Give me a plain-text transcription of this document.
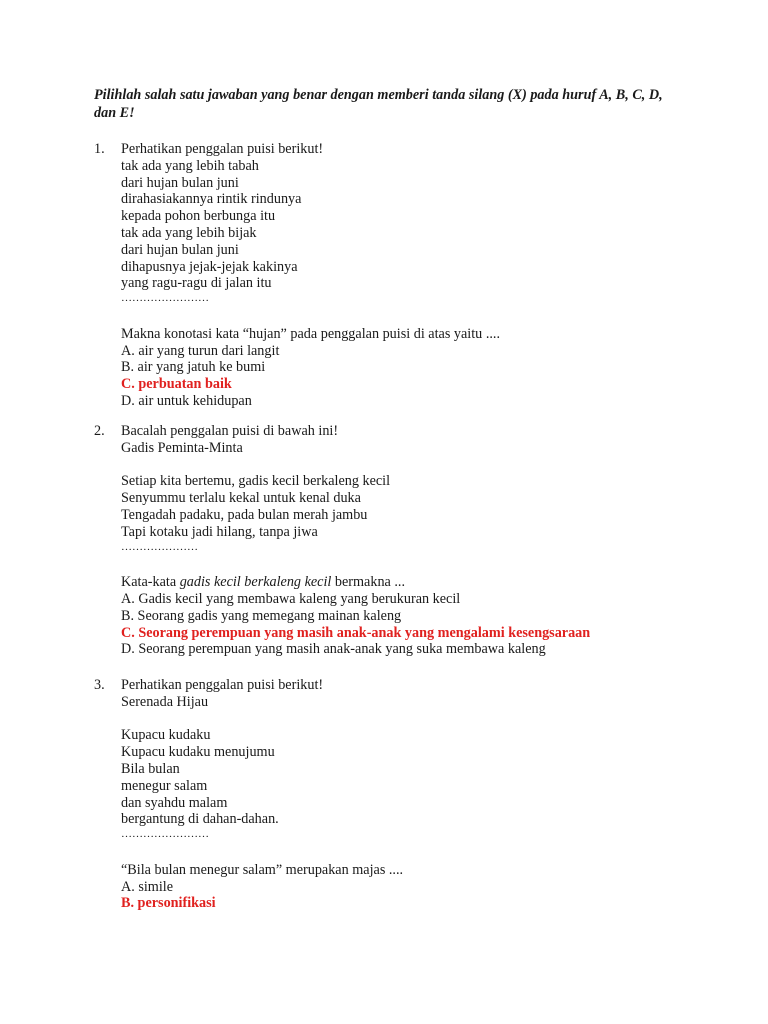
Pilihlah salah satu jawaban yang benar dengan memberi tanda silang (X) pada huruf A, B, C, D, dan E!
1.	Perhatikan penggalan puisi berikut!
tak ada yang lebih tabah
dari hujan bulan juni
dirahasiakannya rintik rindunya
kepada pohon berbunga itu
tak ada yang lebih bijak
dari hujan bulan juni
dihapusnya jejak-jejak kakinya
yang ragu-ragu di jalan itu
……………………
Makna konotasi kata “hujan” pada penggalan puisi di atas yaitu ....
A. air yang turun dari langit
B. air yang jatuh ke bumi
C. perbuatan baik
D. air untuk kehidupan
2.	Bacalah penggalan puisi di bawah ini!
Gadis Peminta-Minta
Setiap kita bertemu, gadis kecil berkaleng kecil
Senyummu terlalu kekal untuk kenal duka
Tengadah padaku, pada bulan merah jambu
Tapi kotaku jadi hilang, tanpa jiwa
…………………
Kata-kata gadis kecil berkaleng kecil bermakna ...
A. Gadis kecil yang membawa kaleng yang berukuran kecil
B. Seorang gadis yang memegang mainan kaleng
C. Seorang perempuan yang masih anak-anak yang mengalami kesengsaraan
D. Seorang perempuan yang masih anak-anak yang suka membawa kaleng
3.	Perhatikan penggalan puisi berikut!
Serenada Hijau
Kupacu kudaku
Kupacu kudaku menujumu
Bila bulan
menegur salam
dan syahdu malam
bergantung di dahan-dahan.
……………………
“Bila bulan menegur salam” merupakan majas ....
A. simile
B. personifikasi
